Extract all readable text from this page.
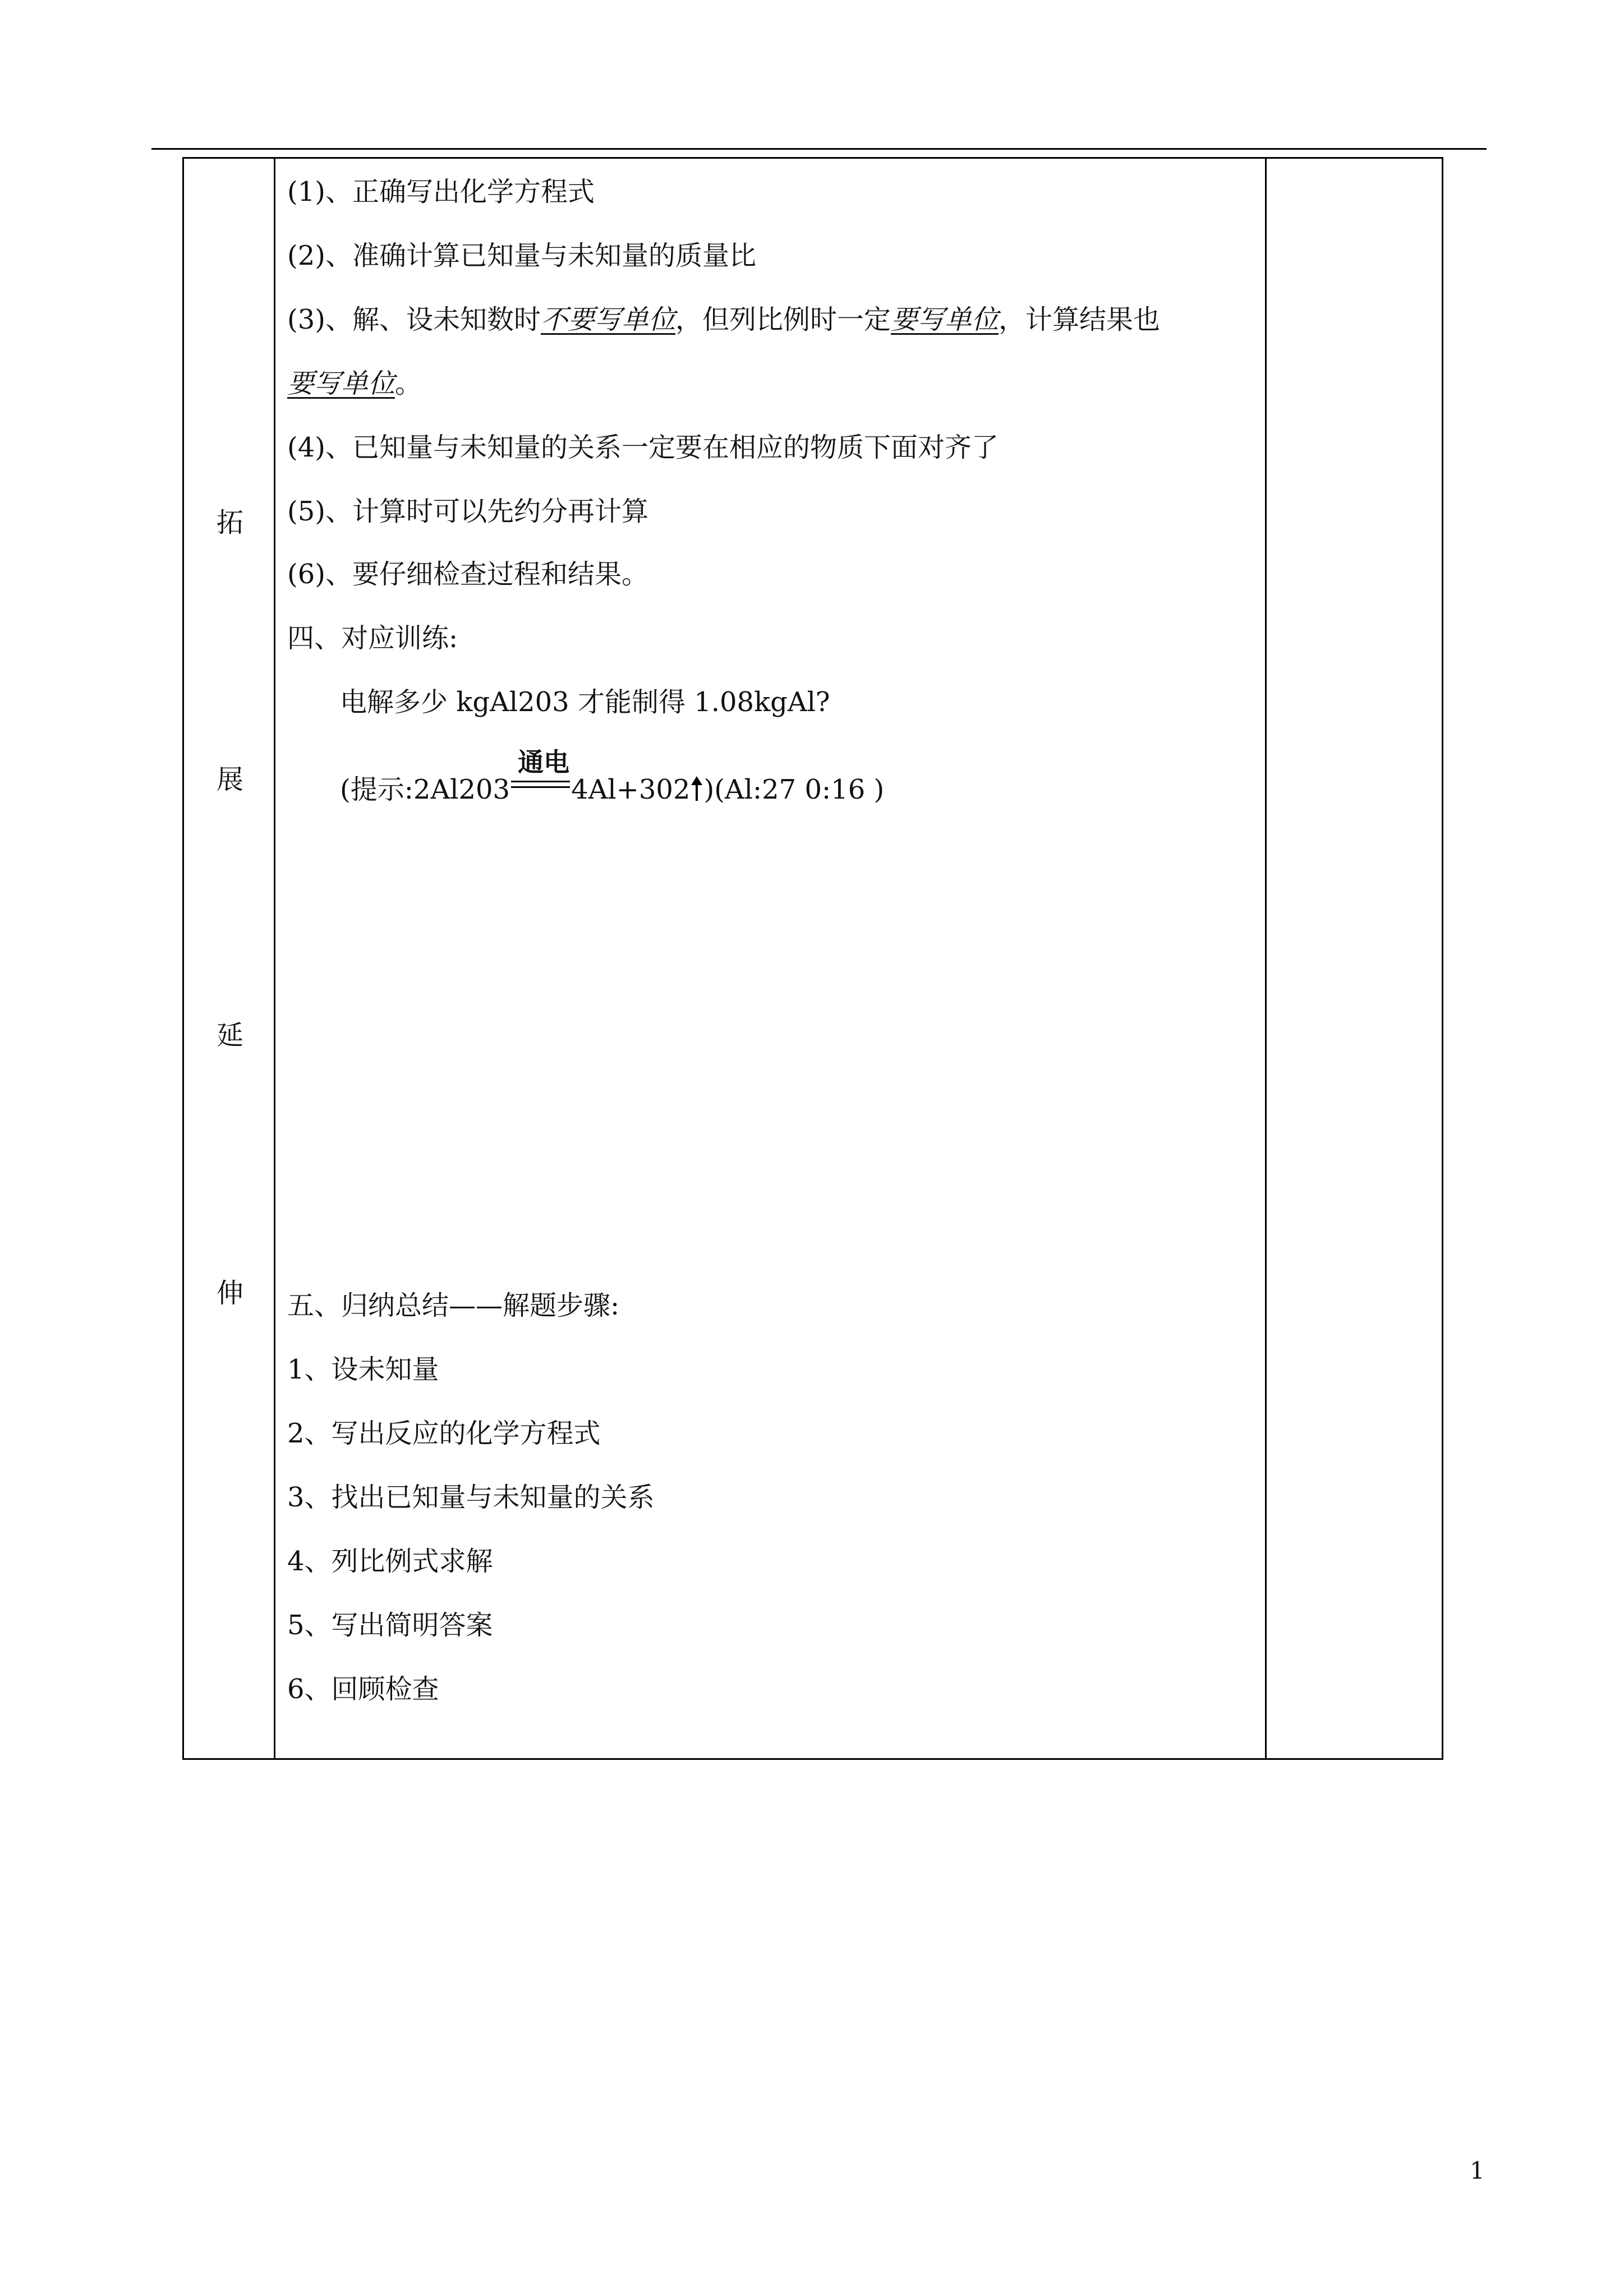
拓
展
延
伸
(1)、正确写出化学方程式
(2)、准确计算已知量与未知量的质量比
(3)、解、设未知数时不要写单位，但列比例时一定要写单位，计算结果也
要写单位。
(4)、已知量与未知量的关系一定要在相应的物质下面对齐了
(5)、计算时可以先约分再计算
(6)、要仔细检查过程和结果。
四、对应训练:
电解多少 kgAl203 才能制得 1.08kgAl?
(提示:2Al203
通电
4Al+302 )(Al:27 0:16 )
五、归纳总结——解题步骤:
1、设未知量
2、写出反应的化学方程式
3、找出已知量与未知量的关系
4、列比例式求解
5、写出简明答案
6、回顾检查
1
